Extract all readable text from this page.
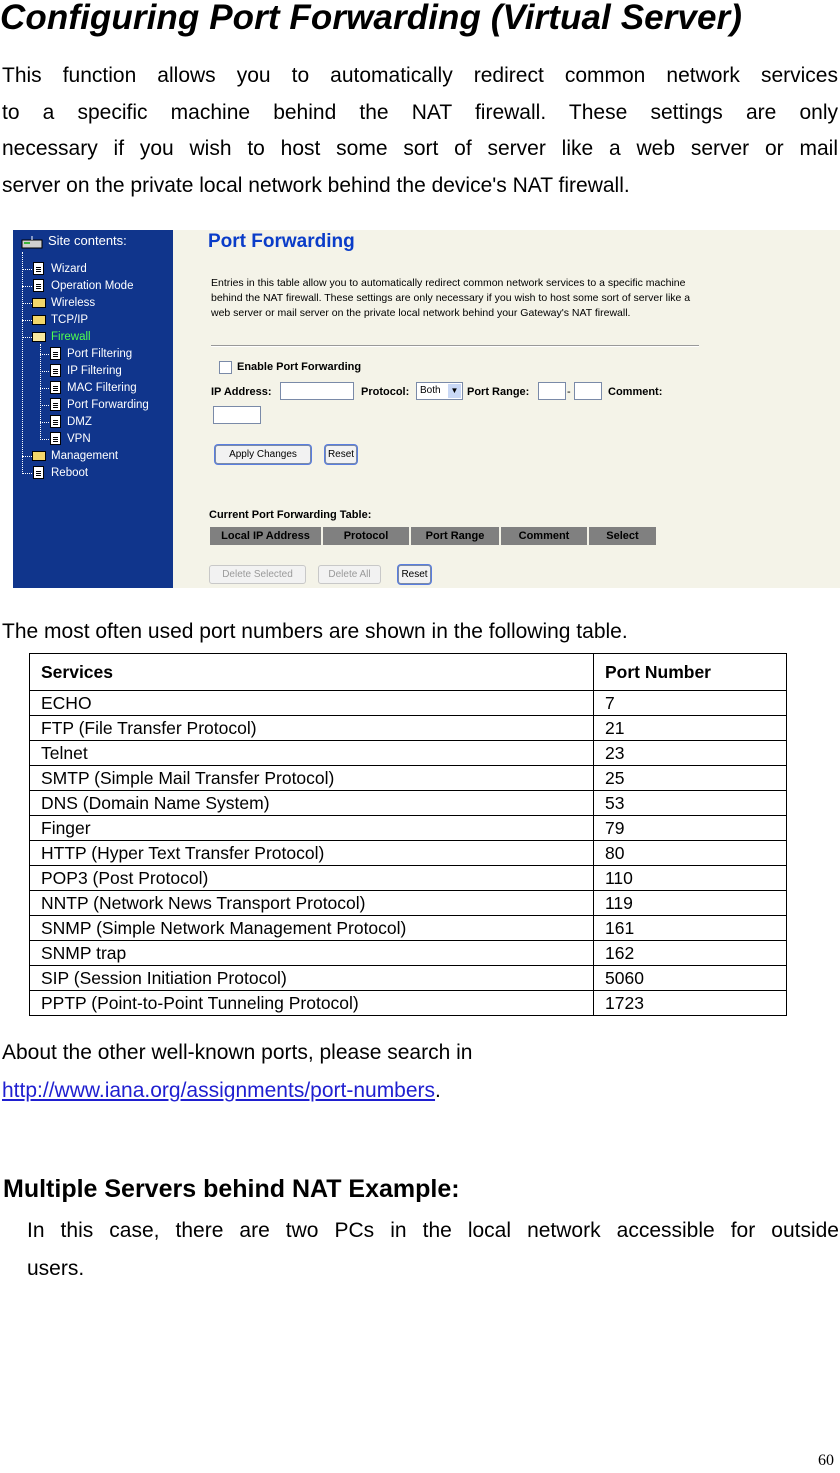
Configuring Port Forwarding (Virtual Server)
This function allows you to automatically redirect common network services
to a specific machine behind the NAT firewall. These settings are only
necessary if you wish to host some sort of server like a web server or mail
server on the private local network behind the device's NAT firewall.
Site contents:
Wizard
Operation Mode
Wireless
TCP/IP
Firewall
Port Filtering
IP Filtering
MAC Filtering
Port Forwarding
DMZ
VPN
Management
Reboot
Port Forwarding
Entries in this table allow you to automatically redirect common network services to a specific machine behind the NAT firewall. These settings are only necessary if you wish to host some sort of server like a web server or mail server on the private local network behind your Gateway's NAT firewall.
Enable Port Forwarding
IP Address:	Protocol:	Both	▼ Port Range:	-	Comment:
Apply Changes	Reset
Current Port Forwarding Table:
Local IP Address	Protocol	Port Range	Comment	Select
Delete Selected	Delete All	Reset
The most often used port numbers are shown in the following table.
Services	Port Number
ECHO	7
FTP (File Transfer Protocol)	21
Telnet	23
SMTP (Simple Mail Transfer Protocol)	25
DNS (Domain Name System)	53
Finger	79
HTTP (Hyper Text Transfer Protocol)	80
POP3 (Post Protocol)	110
NNTP (Network News Transport Protocol)	119
SNMP (Simple Network Management Protocol)	161
SNMP trap	162
SIP (Session Initiation Protocol)	5060
PPTP (Point-to-Point Tunneling Protocol)	1723
About the other well-known ports, please search in
http://www.iana.org/assignments/port-numbers.
Multiple Servers behind NAT Example:
In this case, there are two PCs in the local network accessible for outside
users.
60
